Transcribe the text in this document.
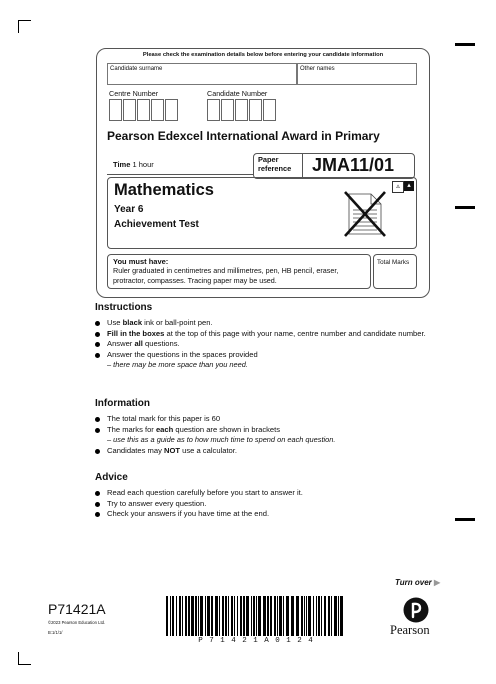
Please check the examination details below before entering your candidate information
Candidate surname	Other names
Centre Number	Candidate Number
Pearson Edexcel International Award in Primary
Time 1 hour
Paper reference JMA11/01
Mathematics
Year 6
Achievement Test
▵	▴
You must have:
Ruler graduated in centimetres and millimetres, pen, HB pencil, eraser, protractor, compasses. Tracing paper may be used.
Total Marks
Instructions
Use black ink or ball-point pen.
Fill in the boxes at the top of this page with your name, centre number and candidate number.
Answer all questions.
Answer the questions in the spaces provided
– there may be more space than you need.
Information
The total mark for this paper is 60
The marks for each question are shown in brackets
– use this as a guide as to how much time to spend on each question.
Candidates may NOT use a calculator.
Advice
Read each question carefully before you start to answer it.
Try to answer every question.
Check your answers if you have time at the end.
Turn over ▶
P71421A
©2023 Pearson Education Ltd.
B:1/1/1/
P 7 1 4 2 1 A 0 1 2 4
Pearson
